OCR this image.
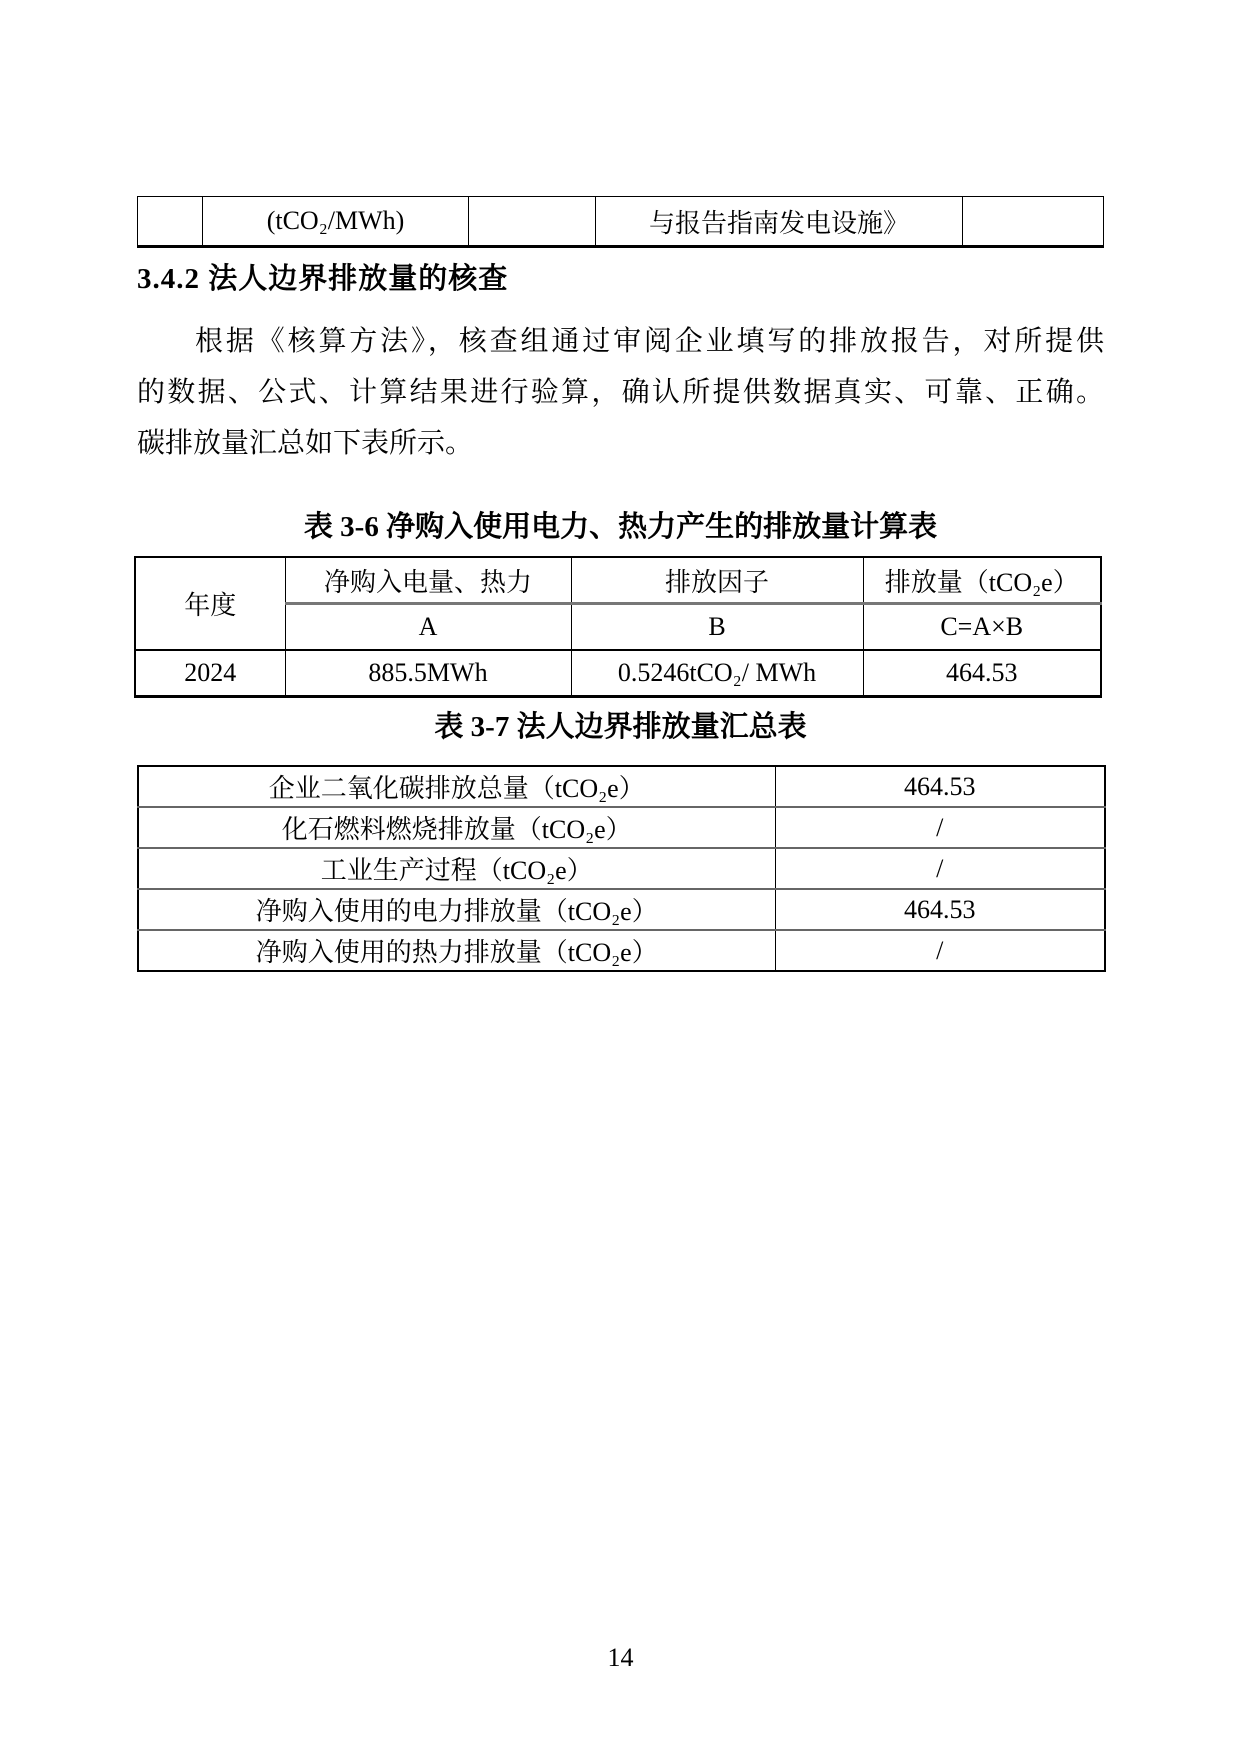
	(tCO₂/MWh)		与报告指南发电设施》	
3.4.2 法人边界排放量的核查
根据《核算方法》，核查组通过审阅企业填写的排放报告，对所提供
的数据、公式、计算结果进行验算，确认所提供数据真实、可靠、正确。
碳排放量汇总如下表所示。
表 3-6 净购入使用电力、热力产生的排放量计算表
年度	净购入电量、热力	排放因子	排放量（tCO₂e）
	A	B	C=A×B
2024	885.5MWh	0.5246tCO₂/ MWh	464.53
表 3-7 法人边界排放量汇总表
企业二氧化碳排放总量（tCO₂e）	464.53
化石燃料燃烧排放量（tCO₂e）	/
工业生产过程（tCO₂e）	/
净购入使用的电力排放量（tCO₂e）	464.53
净购入使用的热力排放量（tCO₂e）	/
14
